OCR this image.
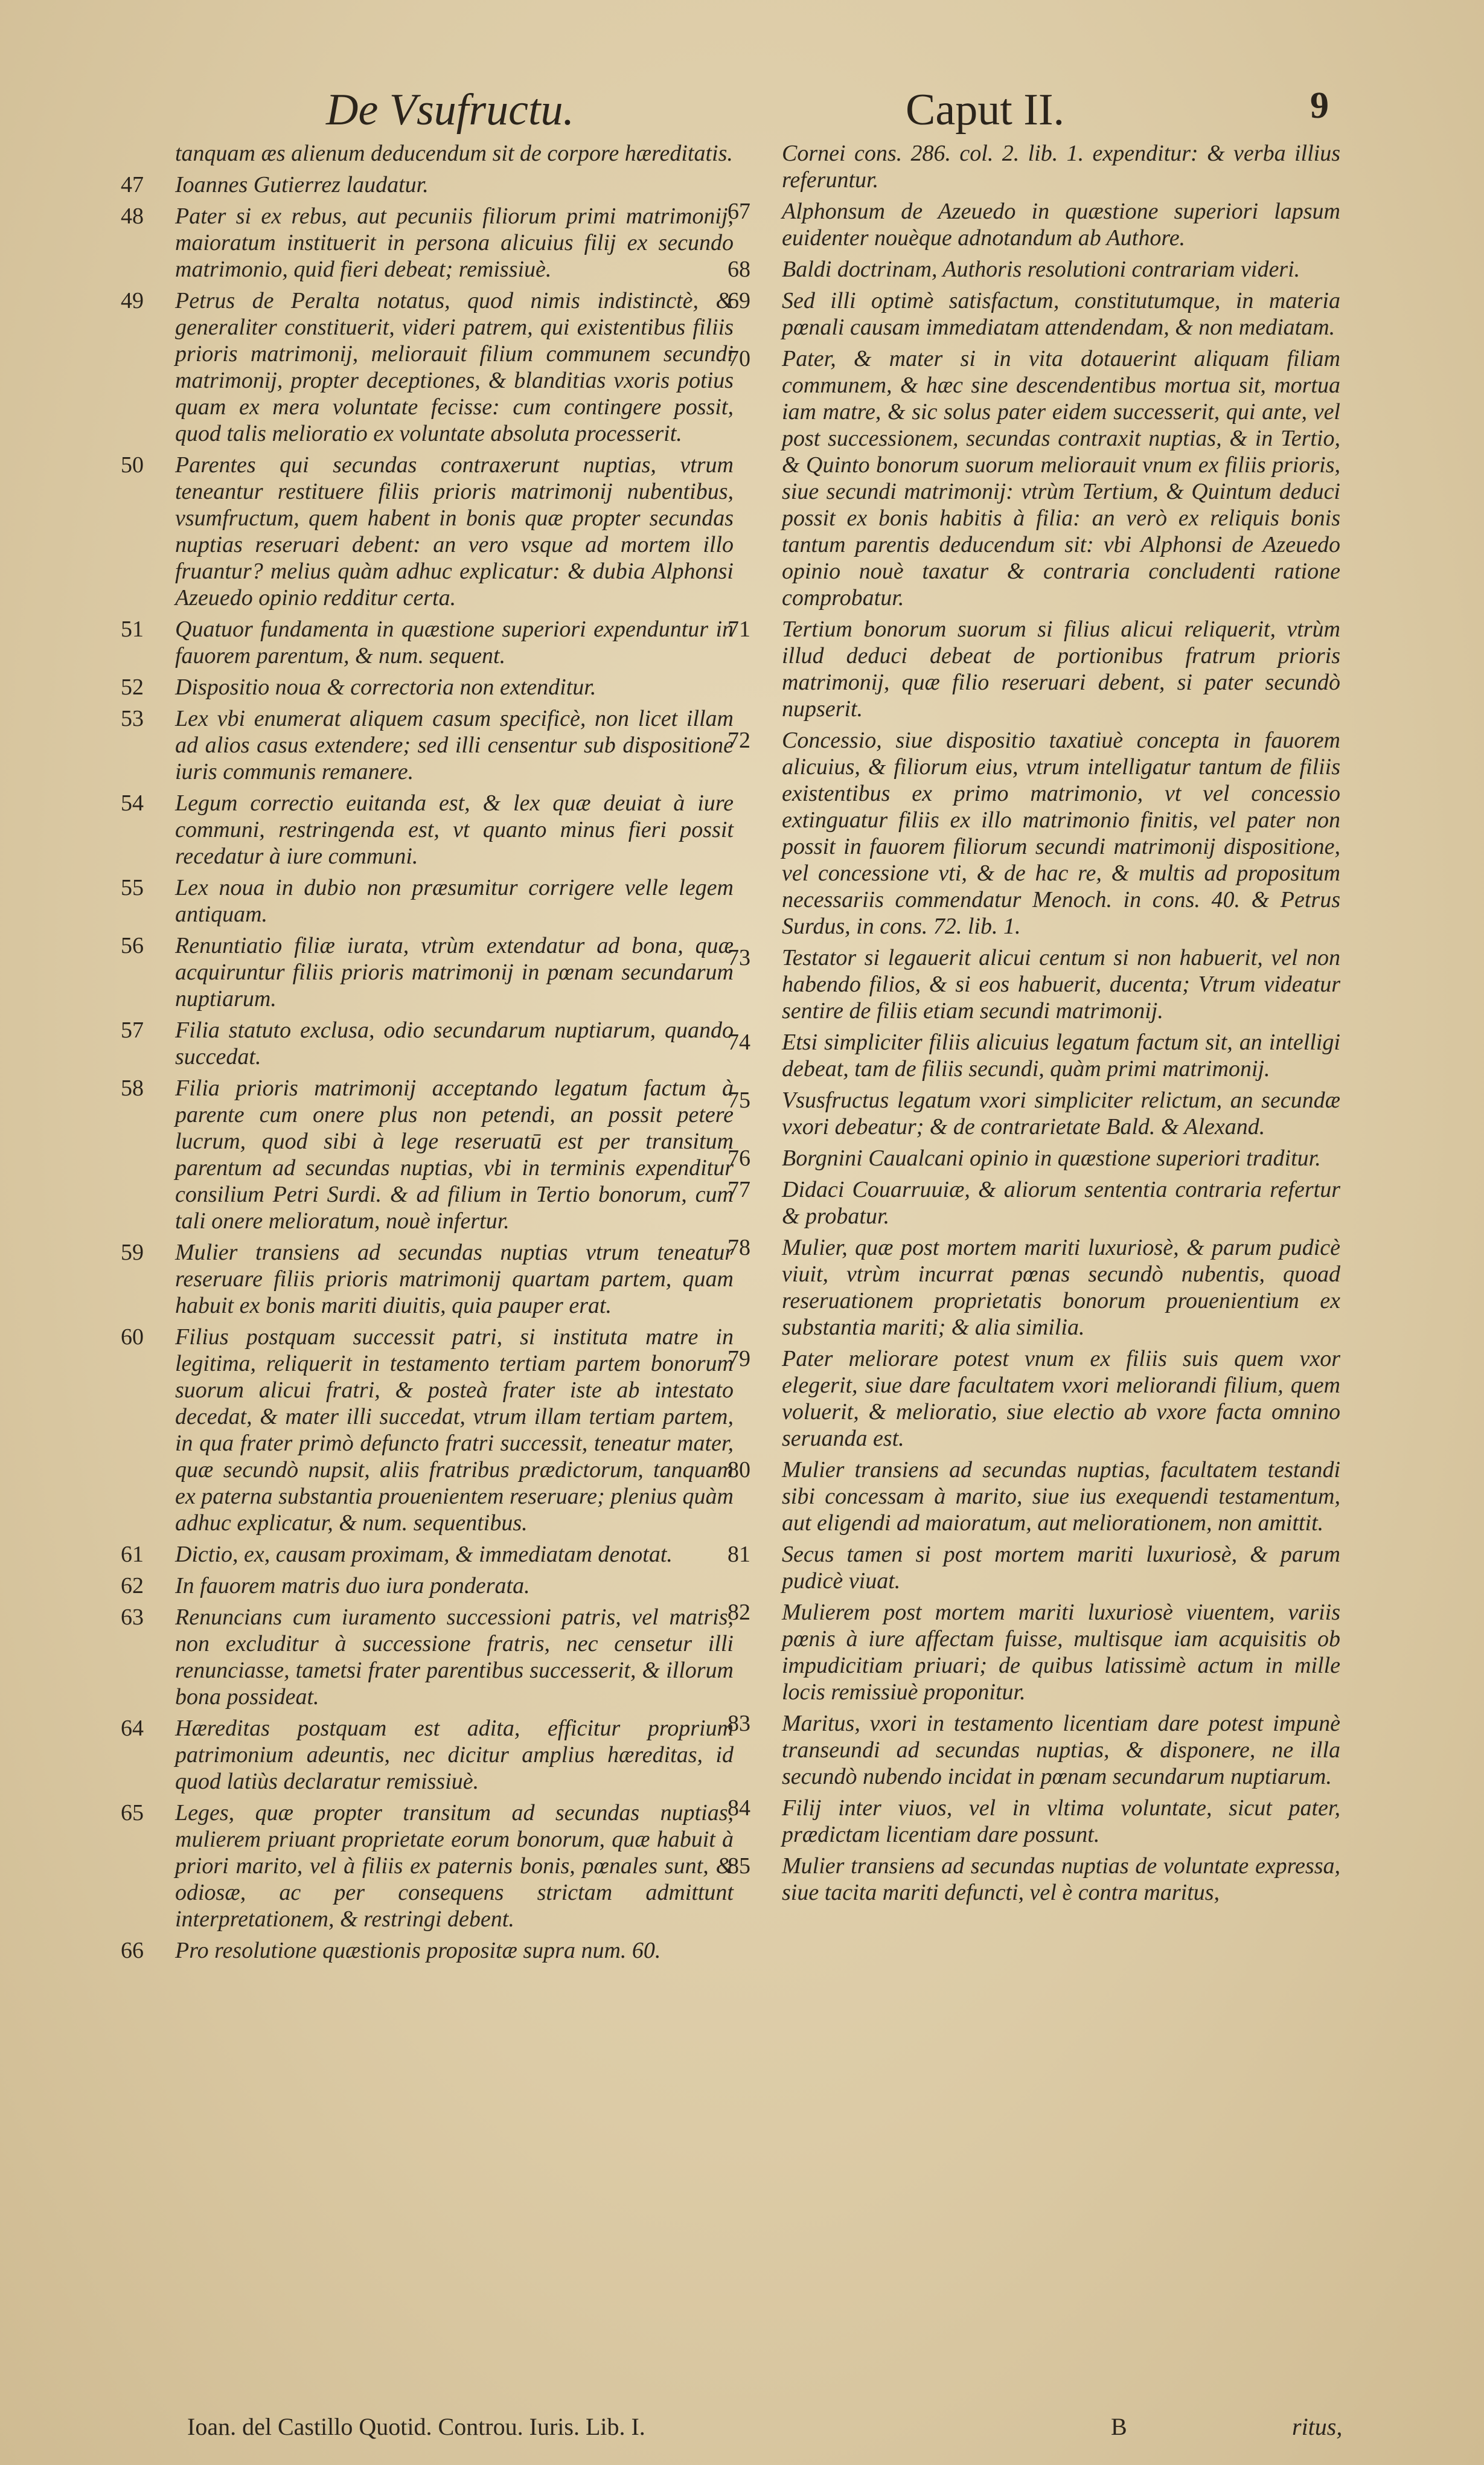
De Vsufructu.	Caput II.	9
tanquam æs alienum deducendum sit de corpore hæreditatis.
47	Ioannes Gutierrez laudatur.
48	Pater si ex rebus, aut pecuniis filiorum primi matrimonij, maioratum instituerit in persona alicuius filij ex secundo matrimonio, quid fieri debeat; remissiuè.
49	Petrus de Peralta notatus, quod nimis indistinctè, & generaliter constituerit, videri patrem, qui existentibus filiis prioris matrimonij, meliorauit filium communem secundi matrimonij, propter deceptiones, & blanditias vxoris potius quam ex mera voluntate fecisse: cum contingere possit, quod talis melioratio ex voluntate absoluta processerit.
50	Parentes qui secundas contraxerunt nuptias, vtrum teneantur restituere filiis prioris matrimonij nubentibus, vsumfructum, quem habent in bonis quæ propter secundas nuptias reseruari debent: an vero vsque ad mortem illo fruantur? melius quàm adhuc explicatur: & dubia Alphonsi Azeuedo opinio redditur certa.
51	Quatuor fundamenta in quæstione superiori expenduntur in fauorem parentum, & num. sequent.
52	Dispositio noua & correctoria non extenditur.
53	Lex vbi enumerat aliquem casum specificè, non licet illam ad alios casus extendere; sed illi censentur sub dispositione iuris communis remanere.
54	Legum correctio euitanda est, & lex quæ deuiat à iure communi, restringenda est, vt quanto minus fieri possit recedatur à iure communi.
55	Lex noua in dubio non præsumitur corrigere velle legem antiquam.
56	Renuntiatio filiæ iurata, vtrùm extendatur ad bona, quæ acquiruntur filiis prioris matrimonij in pœnam secundarum nuptiarum.
57	Filia statuto exclusa, odio secundarum nuptiarum, quando succedat.
58	Filia prioris matrimonij acceptando legatum factum à parente cum onere plus non petendi, an possit petere lucrum, quod sibi à lege reseruatū est per transitum parentum ad secundas nuptias, vbi in terminis expenditur consilium Petri Surdi. & ad filium in Tertio bonorum, cum tali onere melioratum, nouè infertur.
59	Mulier transiens ad secundas nuptias vtrum teneatur reseruare filiis prioris matrimonij quartam partem, quam habuit ex bonis mariti diuitis, quia pauper erat.
60	Filius postquam successit patri, si instituta matre in legitima, reliquerit in testamento tertiam partem bonorum suorum alicui fratri, & posteà frater iste ab intestato decedat, & mater illi succedat, vtrum illam tertiam partem, in qua frater primò defuncto fratri successit, teneatur mater, quæ secundò nupsit, aliis fratribus prædictorum, tanquam ex paterna substantia prouenientem reseruare; plenius quàm adhuc explicatur, & num. sequentibus.
61	Dictio, ex, causam proximam, & immediatam denotat.
62	In fauorem matris duo iura ponderata.
63	Renuncians cum iuramento successioni patris, vel matris, non excluditur à successione fratris, nec censetur illi renunciasse, tametsi frater parentibus successerit, & illorum bona possideat.
64	Hæreditas postquam est adita, efficitur proprium patrimonium adeuntis, nec dicitur amplius hæreditas, id quod latiùs declaratur remissiuè.
65	Leges, quæ propter transitum ad secundas nuptias, mulierem priuant proprietate eorum bonorum, quæ habuit à priori marito, vel à filiis ex paternis bonis, pœnales sunt, & odiosæ, ac per consequens strictam admittunt interpretationem, & restringi debent.
66	Pro resolutione quæstionis propositæ supra num. 60.
Cornei cons. 286. col. 2. lib. 1. expenditur: & verba illius referuntur.
67	Alphonsum de Azeuedo in quæstione superiori lapsum euidenter nouèque adnotandum ab Authore.
68	Baldi doctrinam, Authoris resolutioni contrariam videri.
69	Sed illi optimè satisfactum, constitutumque, in materia pœnali causam immediatam attendendam, & non mediatam.
70	Pater, & mater si in vita dotauerint aliquam filiam communem, & hæc sine descendentibus mortua sit, mortua iam matre, & sic solus pater eidem successerit, qui ante, vel post successionem, secundas contraxit nuptias, & in Tertio, & Quinto bonorum suorum meliorauit vnum ex filiis prioris, siue secundi matrimonij: vtrùm Tertium, & Quintum deduci possit ex bonis habitis à filia: an verò ex reliquis bonis tantum parentis deducendum sit: vbi Alphonsi de Azeuedo opinio nouè taxatur & contraria concludenti ratione comprobatur.
71	Tertium bonorum suorum si filius alicui reliquerit, vtrùm illud deduci debeat de portionibus fratrum prioris matrimonij, quæ filio reseruari debent, si pater secundò nupserit.
72	Concessio, siue dispositio taxatiuè concepta in fauorem alicuius, & filiorum eius, vtrum intelligatur tantum de filiis existentibus ex primo matrimonio, vt vel concessio extinguatur filiis ex illo matrimonio finitis, vel pater non possit in fauorem filiorum secundi matrimonij dispositione, vel concessione vti, & de hac re, & multis ad propositum necessariis commendatur Menoch. in cons. 40. & Petrus Surdus, in cons. 72. lib. 1.
73	Testator si legauerit alicui centum si non habuerit, vel non habendo filios, & si eos habuerit, ducenta; Vtrum videatur sentire de filiis etiam secundi matrimonij.
74	Etsi simpliciter filiis alicuius legatum factum sit, an intelligi debeat, tam de filiis secundi, quàm primi matrimonij.
75	Vsusfructus legatum vxori simpliciter relictum, an secundæ vxori debeatur; & de contrarietate Bald. & Alexand.
76	Borgnini Caualcani opinio in quæstione superiori traditur.
77	Didaci Couarruuiæ, & aliorum sententia contraria refertur & probatur.
78	Mulier, quæ post mortem mariti luxuriosè, & parum pudicè viuit, vtrùm incurrat pœnas secundò nubentis, quoad reseruationem proprietatis bonorum prouenientium ex substantia mariti; & alia similia.
79	Pater meliorare potest vnum ex filiis suis quem vxor elegerit, siue dare facultatem vxori meliorandi filium, quem voluerit, & melioratio, siue electio ab vxore facta omnino seruanda est.
80	Mulier transiens ad secundas nuptias, facultatem testandi sibi concessam à marito, siue ius exequendi testamentum, aut eligendi ad maioratum, aut meliorationem, non amittit.
81	Secus tamen si post mortem mariti luxuriosè, & parum pudicè viuat.
82	Mulierem post mortem mariti luxuriosè viuentem, variis pœnis à iure affectam fuisse, multisque iam acquisitis ob impudicitiam priuari; de quibus latissimè actum in mille locis remissiuè proponitur.
83	Maritus, vxori in testamento licentiam dare potest impunè transeundi ad secundas nuptias, & disponere, ne illa secundò nubendo incidat in pœnam secundarum nuptiarum.
84	Filij inter viuos, vel in vltima voluntate, sicut pater, prædictam licentiam dare possunt.
85	Mulier transiens ad secundas nuptias de voluntate expressa, siue tacita mariti defuncti, vel è contra maritus,
Ioan. del Castillo Quotid. Controu. Iuris. Lib. I.	B	ritus,
